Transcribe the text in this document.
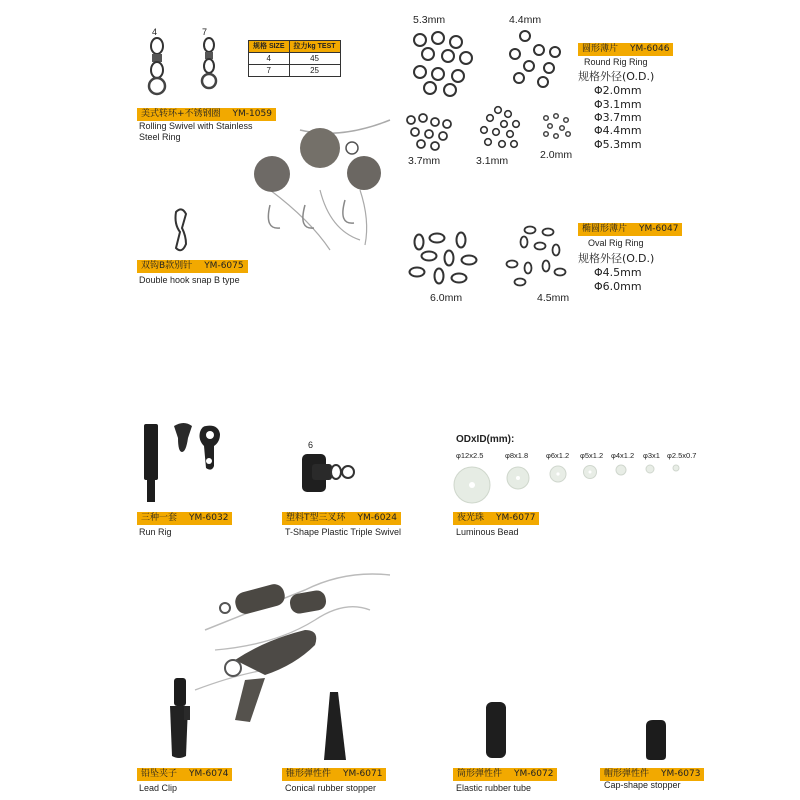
4	7
规格 SIZE	拉力kg TEST
4	45
7	25
美式转环+不锈钢圈 YM-1059
Rolling Swivel with Stainless
Steel Ring
双钩B款别针 YM-6075
Double hook snap B type
5.3mm	4.4mm
3.7mm	3.1mm	2.0mm
圆形薄片 YM-6046
Round Rig Ring
规格外径(O.D.)
Φ2.0mm
Φ3.1mm
Φ3.7mm
Φ4.4mm
Φ5.3mm
6.0mm	4.5mm
椭圆形薄片 YM-6047
Oval Rig Ring
规格外径(O.D.)
Φ4.5mm
Φ6.0mm
三种一套 YM-6032
Run Rig
6
塑料T型三叉环 YM-6024
T-Shape Plastic Triple Swivel
ODxID(mm):
φ12x2.5	φ8x1.8 φ6x1.2 φ5x1.2 φ4x1.2 φ3x1 φ2.5x0.7
夜光珠 YM-6077
Luminous Bead
铅坠夹子 YM-6074
Lead Clip
锥形弹性件 YM-6071
Conical rubber stopper
筒形弹性件 YM-6072
Elastic rubber tube
帽形弹性件 YM-6073
Cap-shape stopper
